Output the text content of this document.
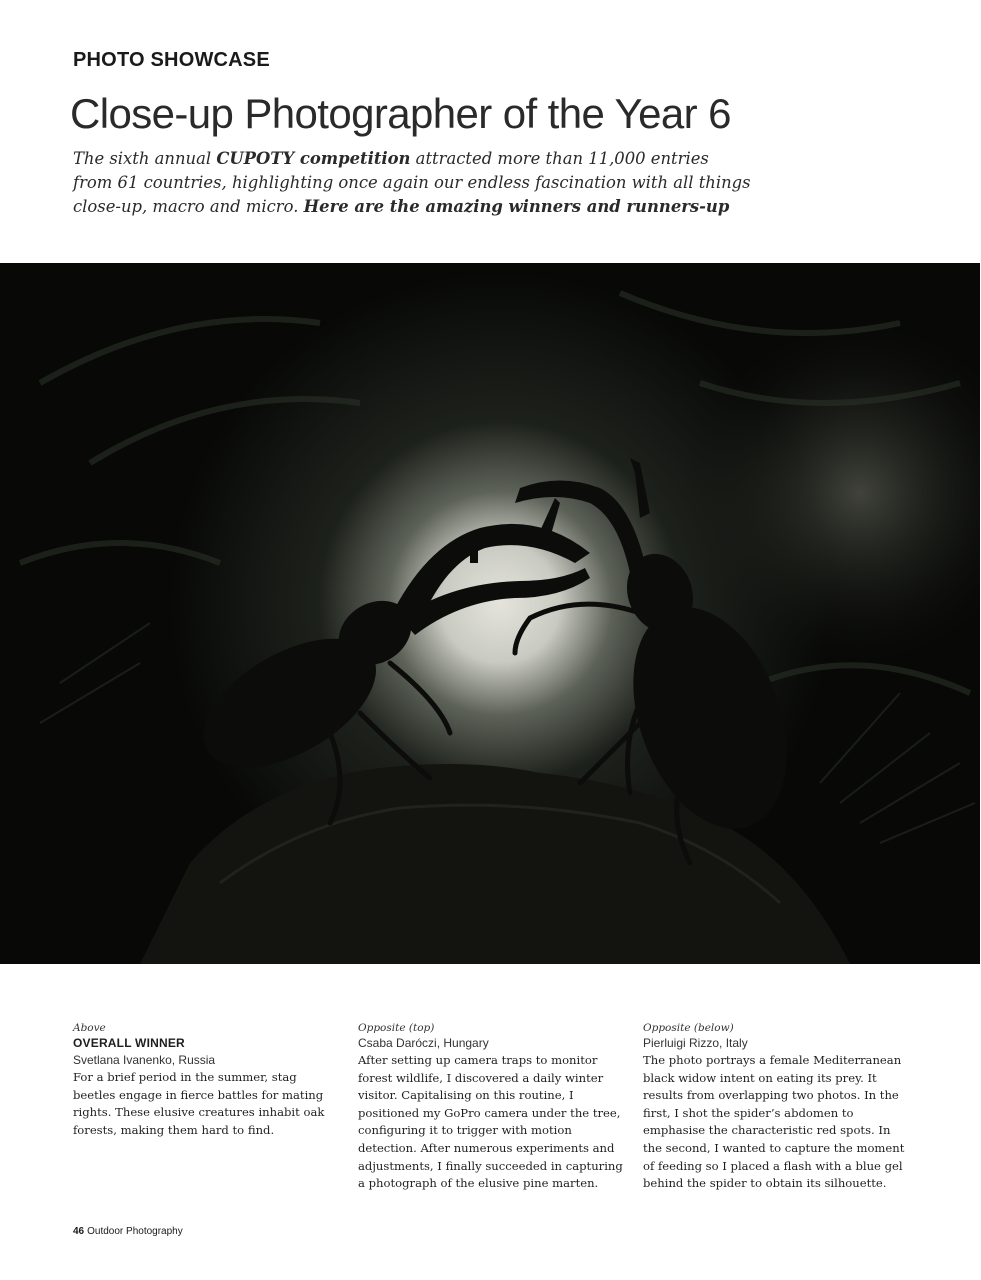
PHOTO SHOWCASE
Close-up Photographer of the Year 6

The sixth annual CUPOTY competition attracted more than 11,000 entries from 61 countries, highlighting once again our endless fascination with all things close-up, macro and micro. Here are the amazing winners and runners-up

Above
OVERALL WINNER
Svetlana Ivanenko, Russia
For a brief period in the summer, stag beetles engage in fierce battles for mating rights. These elusive creatures inhabit oak forests, making them hard to find.
Opposite (top)
Csaba Daróczi, Hungary
After setting up camera traps to monitor forest wildlife, I discovered a daily winter visitor. Capitalising on this routine, I positioned my GoPro camera under the tree, configuring it to trigger with motion detection. After numerous experiments and adjustments, I finally succeeded in capturing a photograph of the elusive pine marten.
Opposite (below)
Pierluigi Rizzo, Italy
The photo portrays a female Mediterranean black widow intent on eating its prey. It results from overlapping two photos. In the first, I shot the spider’s abdomen to emphasise the characteristic red spots. In the second, I wanted to capture the moment of feeding so I placed a flash with a blue gel behind the spider to obtain its silhouette.
46 Outdoor Photography
